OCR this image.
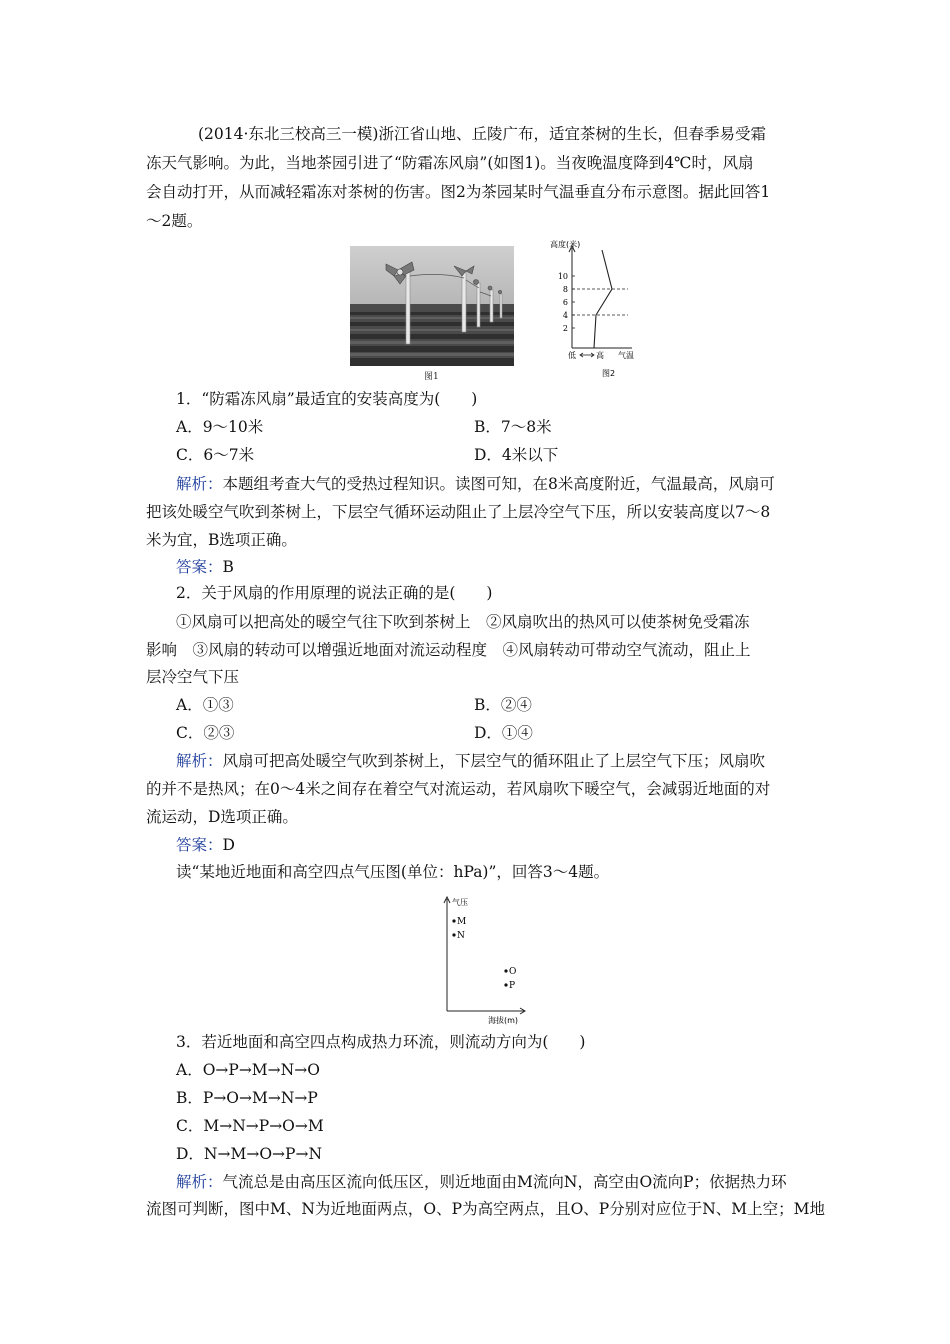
(2014·东北三校高三一模)浙江省山地、丘陵广布，适宜茶树的生长，但春季易受霜
冻天气影响。为此，当地茶园引进了“防霜冻风扇”(如图1)。当夜晚温度降到4℃时，风扇
会自动打开，从而减轻霜冻对茶树的伤害。图2为茶园某时气温垂直分布示意图。据此回答1
～2题。
图1
10
8
6
4
2
高度(米)
低	高 气温
图2
1．“防霜冻风扇”最适宜的安装高度为(　　)
A．9～10米	B．7～8米
C．6～7米	D．4米以下
解析：本题组考查大气的受热过程知识。读图可知，在8米高度附近，气温最高，风扇可
把该处暖空气吹到茶树上，下层空气循环运动阻止了上层冷空气下压，所以安装高度以7～8
米为宜，B选项正确。
答案：B
2．关于风扇的作用原理的说法正确的是(　　)
①风扇可以把高处的暖空气往下吹到茶树上　②风扇吹出的热风可以使茶树免受霜冻
影响　③风扇的转动可以增强近地面对流运动程度　④风扇转动可带动空气流动，阻止上
层冷空气下压
A．①③	B．②④
C．②③	D．①④
解析：风扇可把高处暖空气吹到茶树上，下层空气的循环阻止了上层空气下压；风扇吹
的并不是热风；在0～4米之间存在着空气对流运动，若风扇吹下暖空气，会减弱近地面的对
流运动，D选项正确。
答案：D
读“某地近地面和高空四点气压图(单位：hPa)”，回答3～4题。
气压
M
N
O
P
海拔(m)
3．若近地面和高空四点构成热力环流，则流动方向为(　　)
A．O→P→M→N→O
B．P→O→M→N→P
C．M→N→P→O→M
D．N→M→O→P→N
解析：气流总是由高压区流向低压区，则近地面由M流向N，高空由O流向P；依据热力环
流图可判断，图中M、N为近地面两点，O、P为高空两点，且O、P分别对应位于N、M上空；M地
